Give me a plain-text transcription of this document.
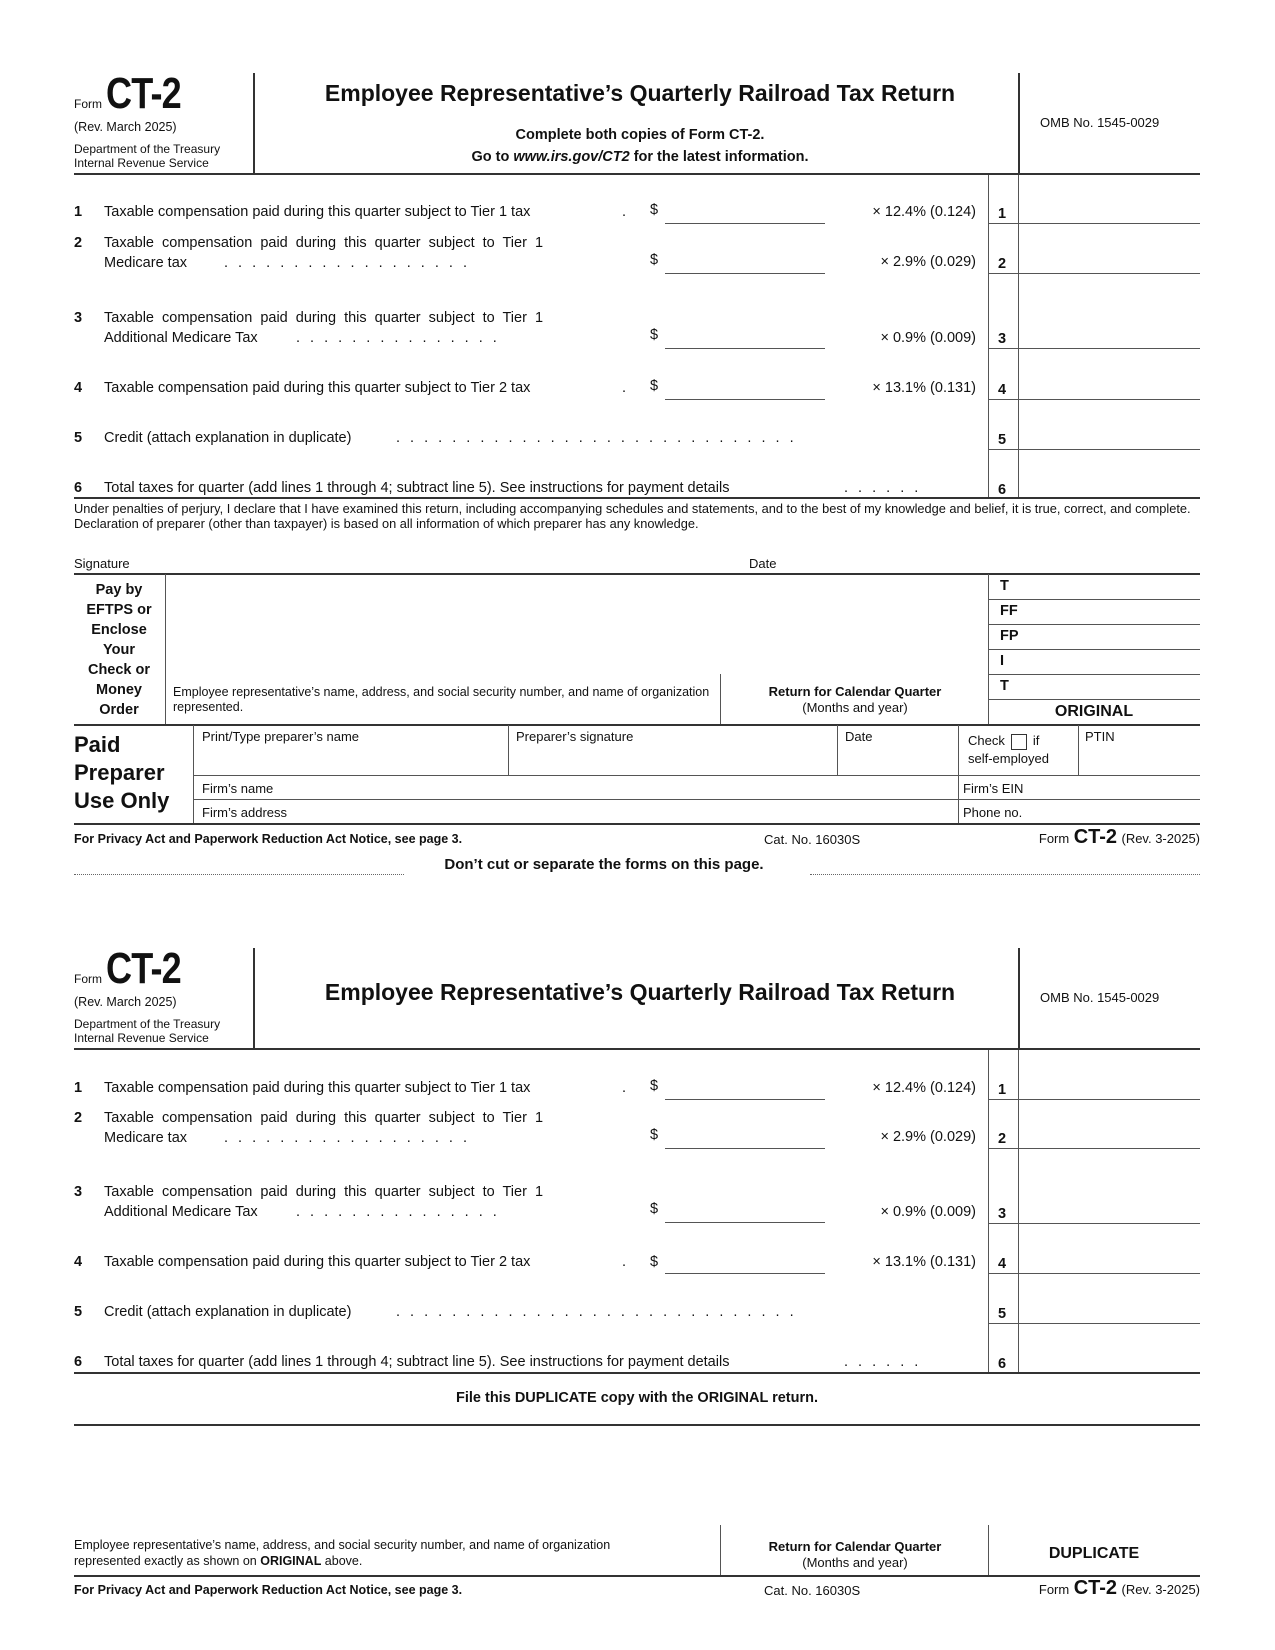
Form CT-2
(Rev. March 2025)
Department of the Treasury
Internal Revenue Service
Employee Representative’s Quarterly Railroad Tax Return
Complete both copies of Form CT-2.
Go to www.irs.gov/CT2 for the latest information.
OMB No. 1545-0029
1 Taxable compensation paid during this quarter subject to Tier 1 tax	. $	× 12.4% (0.124)
2 Taxable compensation paid during this quarter subject to Tier 1
Medicare tax	. . . . . . . . . . . . . . . . . .	$	× 2.9% (0.029)
3 Taxable compensation paid during this quarter subject to Tier 1
Additional Medicare Tax	. . . . . . . . . . . . . . .	$	× 0.9% (0.009)
4 Taxable compensation paid during this quarter subject to Tier 2 tax	. $	× 13.1% (0.131)
5 Credit (attach explanation in duplicate)	. . . . . . . . . . . . . . . . . . . . . . . . . . . . .
6 Total taxes for quarter (add lines 1 through 4; subtract line 5). See instructions for payment details	. . . . . .
1
2
3
4
5
6
Under penalties of perjury, I declare that I have examined this return, including accompanying schedules and statements, and to the best of my knowledge and belief, it is true, correct, and complete. Declaration of preparer (other than taxpayer) is based on all information of which preparer has any knowledge.
Signature	Date
Pay by
EFTPS or
Enclose
Your
Check or
Money
Order
Employee representative’s name, address, and social security number, and name of organization represented.
Return for Calendar Quarter
(Months and year)
T
FF
FP
I
T
ORIGINAL
Paid
Preparer
Use Only
Print/Type preparer’s name	Preparer’s signature	Date	Check if
self-employed
PTIN
Firm’s name	Firm’s EIN
Firm’s address	Phone no.
For Privacy Act and Paperwork Reduction Act Notice, see page 3.	Cat. No. 16030S	Form CT-2 (Rev. 3-2025)
Don’t cut or separate the forms on this page.
Form CT-2
(Rev. March 2025)
Department of the Treasury
Internal Revenue Service
Employee Representative’s Quarterly Railroad Tax Return	OMB No. 1545-0029
1 Taxable compensation paid during this quarter subject to Tier 1 tax	. $	× 12.4% (0.124)
2 Taxable compensation paid during this quarter subject to Tier 1
Medicare tax	. . . . . . . . . . . . . . . . . .	$	× 2.9% (0.029)
3 Taxable compensation paid during this quarter subject to Tier 1
Additional Medicare Tax	. . . . . . . . . . . . . . .	$	× 0.9% (0.009)
4 Taxable compensation paid during this quarter subject to Tier 2 tax	. $	× 13.1% (0.131)
5 Credit (attach explanation in duplicate)	. . . . . . . . . . . . . . . . . . . . . . . . . . . . .
6 Total taxes for quarter (add lines 1 through 4; subtract line 5). See instructions for payment details	. . . . . .
1
2
3
4
5
6
File this DUPLICATE copy with the ORIGINAL return.
Employee representative’s name, address, and social security number, and name of organization
represented exactly as shown on ORIGINAL above.
Return for Calendar Quarter
(Months and year)
DUPLICATE
For Privacy Act and Paperwork Reduction Act Notice, see page 3.	Cat. No. 16030S	Form CT-2 (Rev. 3-2025)
